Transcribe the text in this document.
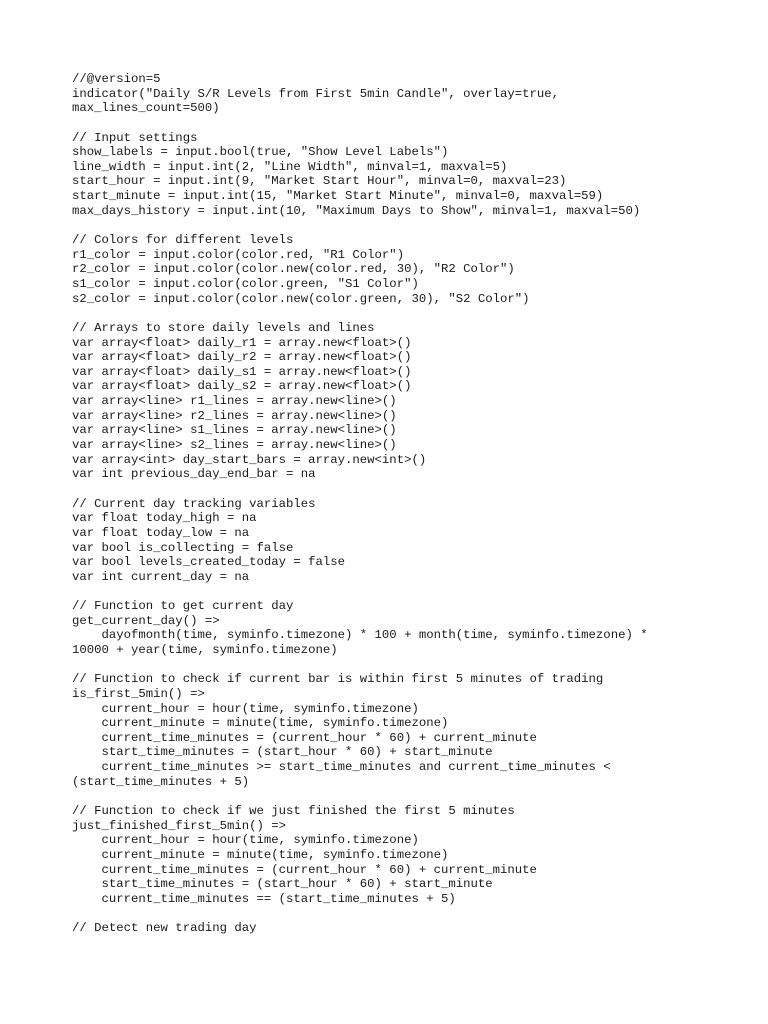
//@version=5
indicator("Daily S/R Levels from First 5min Candle", overlay=true,
max_lines_count=500)
// Input settings
show_labels = input.bool(true, "Show Level Labels")
line_width = input.int(2, "Line Width", minval=1, maxval=5)
start_hour = input.int(9, "Market Start Hour", minval=0, maxval=23)
start_minute = input.int(15, "Market Start Minute", minval=0, maxval=59)
max_days_history = input.int(10, "Maximum Days to Show", minval=1, maxval=50)
// Colors for different levels
r1_color = input.color(color.red, "R1 Color")
r2_color = input.color(color.new(color.red, 30), "R2 Color")
s1_color = input.color(color.green, "S1 Color")
s2_color = input.color(color.new(color.green, 30), "S2 Color")
// Arrays to store daily levels and lines
var array<float> daily_r1 = array.new<float>()
var array<float> daily_r2 = array.new<float>()
var array<float> daily_s1 = array.new<float>()
var array<float> daily_s2 = array.new<float>()
var array<line> r1_lines = array.new<line>()
var array<line> r2_lines = array.new<line>()
var array<line> s1_lines = array.new<line>()
var array<line> s2_lines = array.new<line>()
var array<int> day_start_bars = array.new<int>()
var int previous_day_end_bar = na
// Current day tracking variables
var float today_high = na
var float today_low = na
var bool is_collecting = false
var bool levels_created_today = false
var int current_day = na
// Function to get current day
get_current_day() =>
dayofmonth(time, syminfo.timezone) * 100 + month(time, syminfo.timezone) *
10000 + year(time, syminfo.timezone)
// Function to check if current bar is within first 5 minutes of trading
is_first_5min() =>
current_hour = hour(time, syminfo.timezone)
current_minute = minute(time, syminfo.timezone)
current_time_minutes = (current_hour * 60) + current_minute
start_time_minutes = (start_hour * 60) + start_minute
current_time_minutes >= start_time_minutes and current_time_minutes <
(start_time_minutes + 5)
// Function to check if we just finished the first 5 minutes
just_finished_first_5min() =>
current_hour = hour(time, syminfo.timezone)
current_minute = minute(time, syminfo.timezone)
current_time_minutes = (current_hour * 60) + current_minute
start_time_minutes = (start_hour * 60) + start_minute
current_time_minutes == (start_time_minutes + 5)
// Detect new trading day
